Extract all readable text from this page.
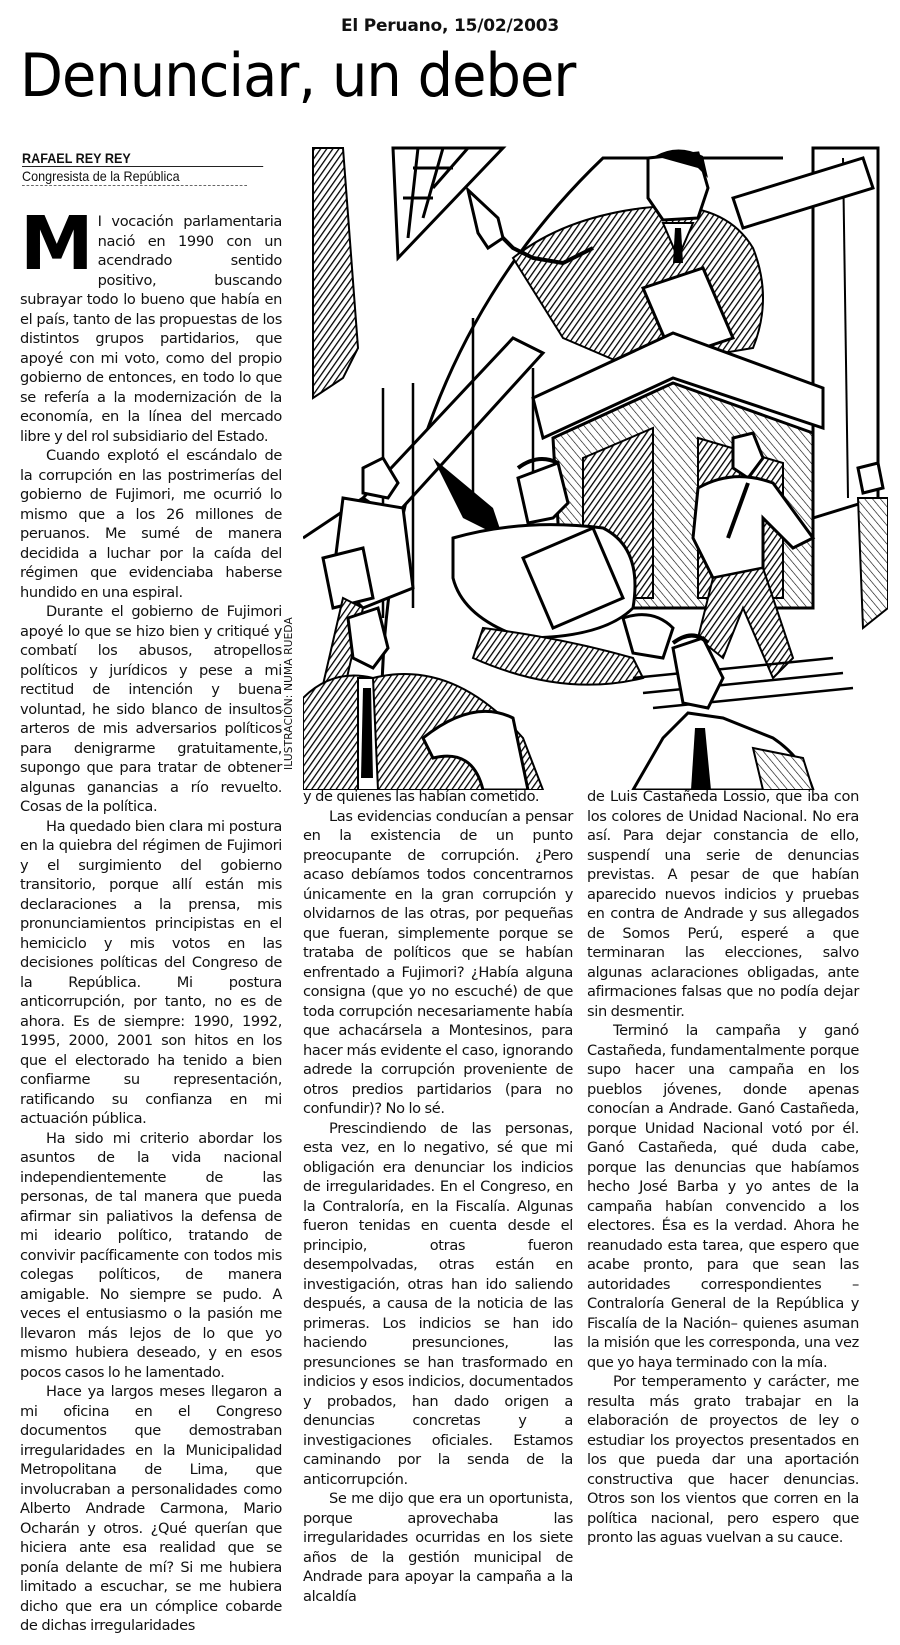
El Peruano, 15/02/2003
Denunciar, un deber
RAFAEL REY REY
Congresista de la República
ILUSTRACIÓN: NUMA RUEDA
M I vocación parlamentaria nació en 1990 con un acendrado sentido positivo, buscando subrayar todo lo bueno que había en el país, tanto de las propuestas de los distintos grupos partidarios, que apoyé con mi voto, como del propio gobierno de entonces, en todo lo que se refería a la modernización de la economía, en la línea del mercado libre y del rol subsidiario del Estado.

Cuando explotó el escándalo de la corrupción en las postrimerías del gobierno de Fujimori, me ocurrió lo mismo que a los 26 millones de peruanos. Me sumé de manera decidida a luchar por la caída del régimen que evidenciaba haberse hundido en una espiral.

Durante el gobierno de Fujimori apoyé lo que se hizo bien y critiqué y combatí los abusos, atropellos políticos y jurídicos y pese a mi rectitud de intención y buena voluntad, he sido blanco de insultos arteros de mis adversarios políticos para denigrarme gratuitamente, supongo que para tratar de obtener algunas ganancias a río revuelto. Cosas de la política.

Ha quedado bien clara mi postura en la quiebra del régimen de Fujimori y el surgimiento del gobierno transitorio, porque allí están mis declaraciones a la prensa, mis pronunciamientos principistas en el hemiciclo y mis votos en las decisiones políticas del Congreso de la República. Mi postura anticorrupción, por tanto, no es de ahora. Es de siempre: 1990, 1992, 1995, 2000, 2001 son hitos en los que el electorado ha tenido a bien confiarme su representación, ratificando su confianza en mi actuación pública.

Ha sido mi criterio abordar los asuntos de la vida nacional independientemente de las personas, de tal manera que pueda afirmar sin paliativos la defensa de mi ideario político, tratando de convivir pacíficamente con todos mis colegas políticos, de manera amigable. No siempre se pudo. A veces el entusiasmo o la pasión me llevaron más lejos de lo que yo mismo hubiera deseado, y en esos pocos casos lo he lamentado.

Hace ya largos meses llegaron a mi oficina en el Congreso documentos que demostraban irregularidades en la Municipalidad Metropolitana de Lima, que involucraban a personalidades como Alberto Andrade Carmona, Mario Ocharán y otros. ¿Qué querían que hiciera ante esa realidad que se ponía delante de mí? Si me hubiera limitado a escuchar, se me hubiera dicho que era un cómplice cobarde de dichas irregularidades

y de quienes las habían cometido.

Las evidencias conducían a pensar en la existencia de un punto preocupante de corrupción. ¿Pero acaso debíamos todos concentrarnos únicamente en la gran corrupción y olvidarnos de las otras, por pequeñas que fueran, simplemente porque se trataba de políticos que se habían enfrentado a Fujimori? ¿Había alguna consigna (que yo no escuché) de que toda corrupción necesariamente había que achacársela a Montesinos, para hacer más evidente el caso, ignorando adrede la corrupción proveniente de otros predios partidarios (para no confundir)? No lo sé.

Prescindiendo de las personas, esta vez, en lo negativo, sé que mi obligación era denunciar los indicios de irregularidades. En el Congreso, en la Contraloría, en la Fiscalía. Algunas fueron tenidas en cuenta desde el principio, otras fueron desempolvadas, otras están en investigación, otras han ido saliendo después, a causa de la noticia de las primeras. Los indicios se han ido haciendo presunciones, las presunciones se han trasformado en indicios y esos indicios, documentados y probados, han dado origen a denuncias concretas y a investigaciones oficiales. Estamos caminando por la senda de la anticorrupción.

Se me dijo que era un oportunista, porque aprovechaba las irregularidades ocurridas en los siete años de la gestión municipal de Andrade para apoyar la campaña a la alcaldía

de Luis Castañeda Lossio, que iba con los colores de Unidad Nacional. No era así. Para dejar constancia de ello, suspendí una serie de denuncias previstas. A pesar de que habían aparecido nuevos indicios y pruebas en contra de Andrade y sus allegados de Somos Perú, esperé a que terminaran las elecciones, salvo algunas aclaraciones obligadas, ante afirmaciones falsas que no podía dejar sin desmentir.

Terminó la campaña y ganó Castañeda, fundamentalmente porque supo hacer una campaña en los pueblos jóvenes, donde apenas conocían a Andrade. Ganó Castañeda, porque Unidad Nacional votó por él. Ganó Castañeda, qué duda cabe, porque las denuncias que habíamos hecho José Barba y yo antes de la campaña habían convencido a los electores. Ésa es la verdad. Ahora he reanudado esta tarea, que espero que acabe pronto, para que sean las autoridades correspondientes –Contraloría General de la República y Fiscalía de la Nación– quienes asuman la misión que les corresponda, una vez que yo haya terminado con la mía.

Por temperamento y carácter, me resulta más grato trabajar en la elaboración de proyectos de ley o estudiar los proyectos presentados en los que pueda dar una aportación constructiva que hacer denuncias. Otros son los vientos que corren en la política nacional, pero espero que pronto las aguas vuelvan a su cauce.
